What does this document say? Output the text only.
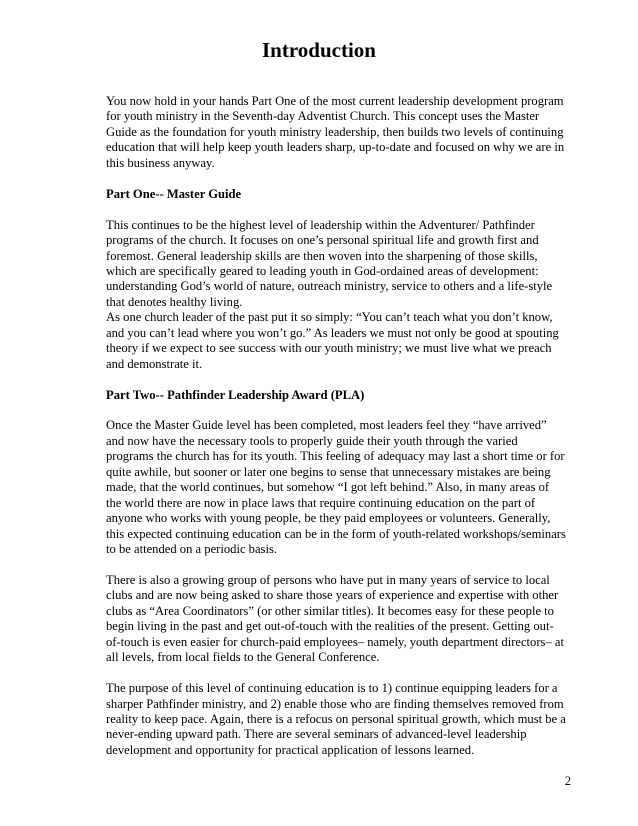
Introduction

You now hold in your hands Part One of the most current leadership development program for youth ministry in the Seventh-day Adventist Church. This concept uses the Master Guide as the foundation for youth ministry leadership, then builds two levels of continuing education that will help keep youth leaders sharp, up-to-date and focused on why we are in this business anyway.

Part One-- Master Guide

This continues to be the highest level of leadership within the Adventurer/ Pathfinder programs of the church. It focuses on one’s personal spiritual life and growth first and foremost. General leadership skills are then woven into the sharpening of those skills, which are specifically geared to leading youth in God-ordained areas of development: understanding God’s world of nature, outreach ministry, service to others and a life-style that denotes healthy living.

As one church leader of the past put it so simply: “You can’t teach what you don’t know, and you can’t lead where you won’t go.” As leaders we must not only be good at spouting theory if we expect to see success with our youth ministry; we must live what we preach and demonstrate it.

Part Two-- Pathfinder Leadership Award (PLA)

Once the Master Guide level has been completed, most leaders feel they “have arrived” and now have the necessary tools to properly guide their youth through the varied programs the church has for its youth. This feeling of adequacy may last a short time or for quite awhile, but sooner or later one begins to sense that unnecessary mistakes are being made, that the world continues, but somehow “I got left behind.” Also, in many areas of the world there are now in place laws that require continuing education on the part of anyone who works with young people, be they paid employees or volunteers. Generally, this expected continuing education can be in the form of youth-related workshops/seminars to be attended on a periodic basis.

There is also a growing group of persons who have put in many years of service to local clubs and are now being asked to share those years of experience and expertise with other clubs as “Area Coordinators” (or other similar titles). It becomes easy for these people to begin living in the past and get out-of-touch with the realities of the present. Getting out-of-touch is even easier for church-paid employees– namely, youth department directors– at all levels, from local fields to the General Conference.

The purpose of this level of continuing education is to 1) continue equipping leaders for a sharper Pathfinder ministry, and 2) enable those who are finding themselves removed from reality to keep pace. Again, there is a refocus on personal spiritual growth, which must be a never-ending upward path. There are several seminars of advanced-level leadership development and opportunity for practical application of lessons learned.

2
